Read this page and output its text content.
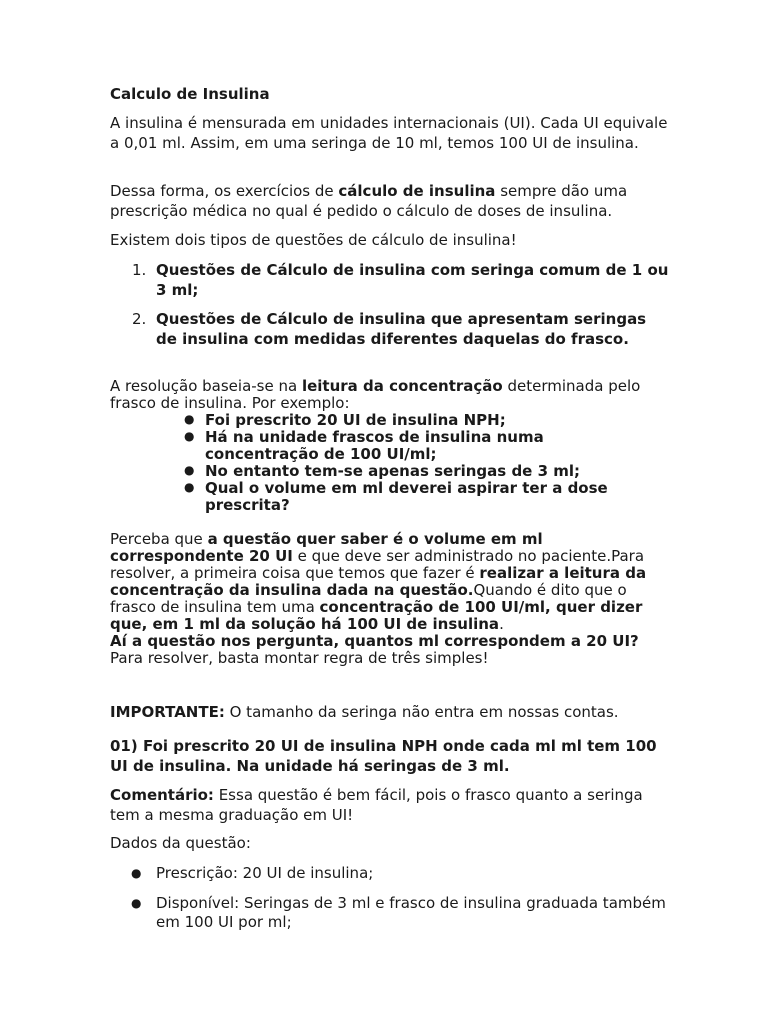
Calculo de Insulina
A insulina é mensurada em unidades internacionais (UI). Cada UI equivale a 0,01 ml. Assim, em uma seringa de 10 ml, temos 100 UI de insulina.
Dessa forma, os exercícios de cálculo de insulina sempre dão uma prescrição médica no qual é pedido o cálculo de doses de insulina.
Existem dois tipos de questões de cálculo de insulina!
1. Questões de Cálculo de insulina com seringa comum de 1 ou 3 ml;
2. Questões de Cálculo de insulina que apresentam seringas de insulina com medidas diferentes daquelas do frasco.
A resolução baseia-se na leitura da concentração determinada pelo frasco de insulina. Por exemplo:
● Foi prescrito 20 UI de insulina NPH;
● Há na unidade frascos de insulina numa concentração de 100 UI/ml;
● No entanto tem-se apenas seringas de 3 ml;
● Qual o volume em ml deverei aspirar ter a dose prescrita?
Perceba que a questão quer saber é o volume em ml correspondente 20 UI e que deve ser administrado no paciente.Para resolver, a primeira coisa que temos que fazer é realizar a leitura da concentração da insulina dada na questão.Quando é dito que o frasco de insulina tem uma concentração de 100 UI/ml, quer dizer que, em 1 ml da solução há 100 UI de insulina.
Aí a questão nos pergunta, quantos ml correspondem a 20 UI?
Para resolver, basta montar regra de três simples!
IMPORTANTE: O tamanho da seringa não entra em nossas contas.
01) Foi prescrito 20 UI de insulina NPH onde cada ml ml tem 100 UI de insulina. Na unidade há seringas de 3 ml.
Comentário: Essa questão é bem fácil, pois o frasco quanto a seringa tem a mesma graduação em UI!
Dados da questão:
● Prescrição: 20 UI de insulina;
● Disponível: Seringas de 3 ml e frasco de insulina graduada também em 100 UI por ml;
